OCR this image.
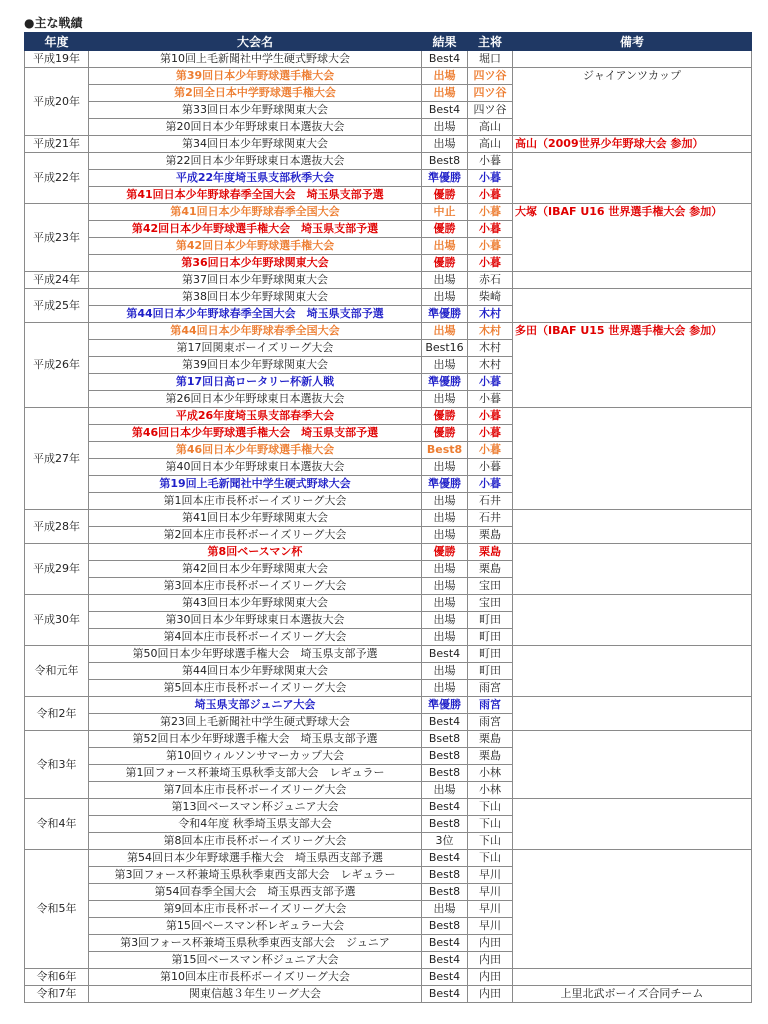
●主な戦績
年度	大会名	結果	主将	備考
平成19年	第10回上毛新聞社中学生硬式野球大会	Best4	堀口	
平成20年	第39回日本少年野球選手権大会	出場	四ツ谷	ジャイアンツカップ
	第2回全日本中学野球選手権大会	出場	四ツ谷	
	第33回日本少年野球関東大会	Best4	四ツ谷	
	第20回日本少年野球東日本選抜大会	出場	高山	
平成21年	第34回日本少年野球関東大会	出場	高山	高山（2009世界少年野球大会 参加）
平成22年	第22回日本少年野球東日本選抜大会	Best8	小暮	
	平成22年度埼玉県支部秋季大会	準優勝	小暮	
	第41回日本少年野球春季全国大会　埼玉県支部予選	優勝	小暮	
平成23年	第41回日本少年野球春季全国大会	中止	小暮	大塚（IBAF U16 世界選手権大会 参加）
	第42回日本少年野球選手権大会　埼玉県支部予選	優勝	小暮	
	第42回日本少年野球選手権大会	出場	小暮	
	第36回日本少年野球関東大会	優勝	小暮	
平成24年	第37回日本少年野球関東大会	出場	赤石	
平成25年	第38回日本少年野球関東大会	出場	柴崎	
	第44回日本少年野球春季全国大会　埼玉県支部予選	準優勝	木村	
平成26年	第44回日本少年野球春季全国大会	出場	木村	多田（IBAF U15 世界選手権大会 参加）
	第17回関東ボーイズリーグ大会	Best16	木村	
	第39回日本少年野球関東大会	出場	木村	
	第17回日高ロータリー杯新人戦	準優勝	小暮	
	第26回日本少年野球東日本選抜大会	出場	小暮	
平成27年	平成26年度埼玉県支部春季大会	優勝	小暮	
	第46回日本少年野球選手権大会　埼玉県支部予選	優勝	小暮	
	第46回日本少年野球選手権大会	Best8	小暮	
	第40回日本少年野球東日本選抜大会	出場	小暮	
	第19回上毛新聞社中学生硬式野球大会	準優勝	小暮	
	第1回本庄市長杯ボーイズリーグ大会	出場	石井	
平成28年	第41回日本少年野球関東大会	出場	石井	
	第2回本庄市長杯ボーイズリーグ大会	出場	栗島	
平成29年	第8回ベースマン杯	優勝	栗島	
	第42回日本少年野球関東大会	出場	栗島	
	第3回本庄市長杯ボーイズリーグ大会	出場	宝田	
平成30年	第43回日本少年野球関東大会	出場	宝田	
	第30回日本少年野球東日本選抜大会	出場	町田	
	第4回本庄市長杯ボーイズリーグ大会	出場	町田	
令和元年	第50回日本少年野球選手権大会　埼玉県支部予選	Best4	町田	
	第44回日本少年野球関東大会	出場	町田	
	第5回本庄市長杯ボーイズリーグ大会	出場	雨宮	
令和2年	埼玉県支部ジュニア大会	準優勝	雨宮	
	第23回上毛新聞社中学生硬式野球大会	Best4	雨宮	
令和3年	第52回日本少年野球選手権大会　埼玉県支部予選	Bset8	栗島	
	第10回ウィルソンサマーカップ大会	Best8	栗島	
	第1回フォース杯兼埼玉県秋季支部大会　レギュラー	Best8	小林	
	第7回本庄市長杯ボーイズリーグ大会	出場	小林	
令和4年	第13回ベースマン杯ジュニア大会	Best4	下山	
	令和4年度 秋季埼玉県支部大会	Best8	下山	
	第8回本庄市長杯ボーイズリーグ大会	3位	下山	
令和5年	第54回日本少年野球選手権大会　埼玉県西支部予選	Best4	下山	
	第3回フォース杯兼埼玉県秋季東西支部大会　レギュラー	Best8	早川	
	第54回春季全国大会　埼玉県西支部予選	Best8	早川	
	第9回本庄市長杯ボーイズリーグ大会	出場	早川	
	第15回ベースマン杯レギュラー大会	Best8	早川	
	第3回フォース杯兼埼玉県秋季東西支部大会　ジュニア	Best4	内田	
	第15回ベースマン杯ジュニア大会	Best4	内田	
令和6年	第10回本庄市長杯ボーイズリーグ大会	Best4	内田	
令和7年	関東信越３年生リーグ大会	Best4	内田	上里北武ボーイズ合同チーム
